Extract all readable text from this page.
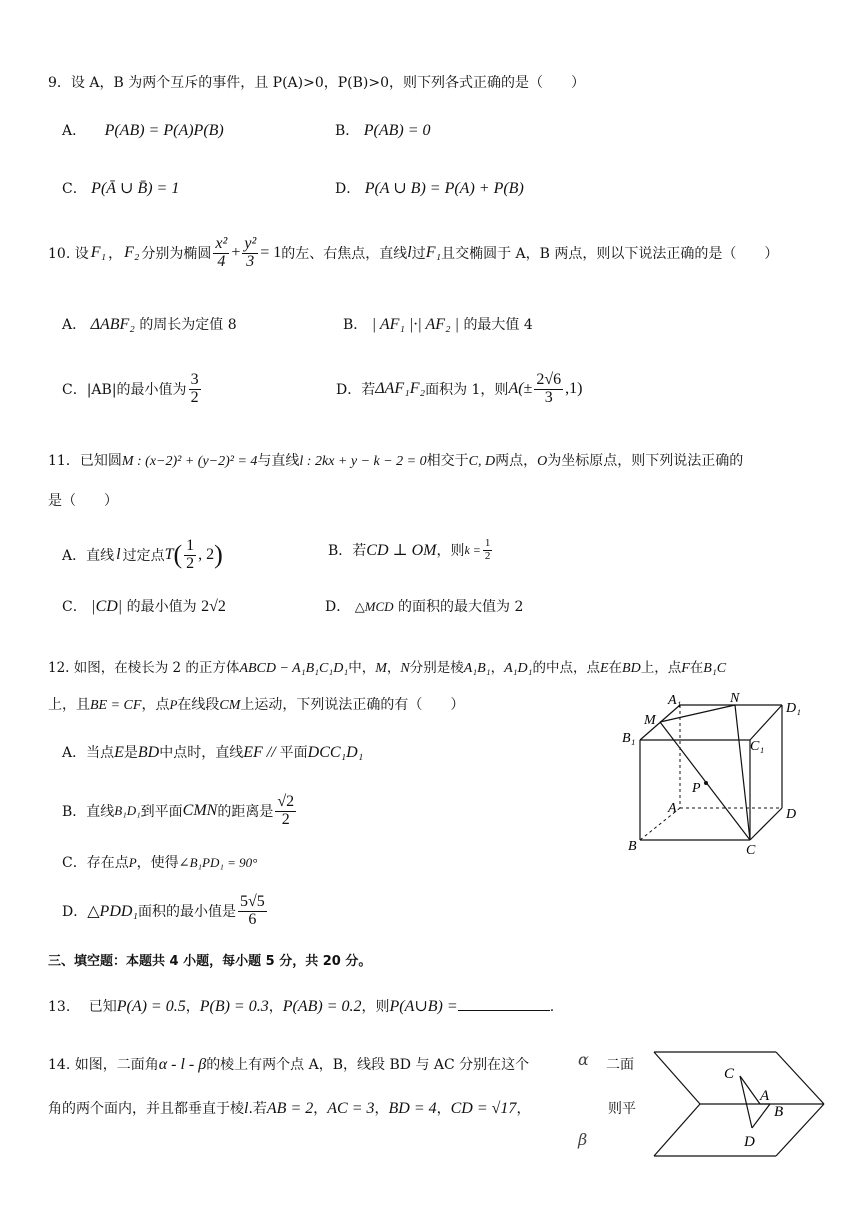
9．设 A，B 为两个互斥的事件，且 P(A)>0，P(B)>0，则下列各式正确的是（　　）
A． P(AB) = P(A)P(B)	B． P(AB) = 0
C． P(Ā ∪ B̄) = 1	D． P(A ∪ B) = P(A) + P(B)
10. 设 F₁ ， F₂ 分别为椭圆 $\frac{\text{x²}}{4} + \frac{\text{y²}}{3} = 1$ 的左、右焦点，直线 l 过 F₁ 且交椭圆于 A，B 两点，则以下说法正确的是（　　）
A． ΔABF₂ 的周长为定值 8	B． | AF₁ |·| AF₂ | 的最大值 4
C． |AB|的最小值为 $\frac{3}{2}$	D． 若 ΔAF₁F₂ 面积为 1，则 $A(\pm \frac{2√6}{3} ,1)$
11．已知圆M : (x−2)² + (y−2)² = 4与直线l : 2kx + y − k − 2 = 0相交于C, D两点，O为坐标原点，则下列说法正确的
是（　　）
A． 直线 l 过定点 T ( $\frac{1}{2}$ , 2 )	B． 若 CD ⊥ OM ，则 $k = \frac{1}{2}$
C． |CD| 的最小值为 2√2	D． △MCD 的面积的最大值为 2
12. 如图，在棱长为 2 的正方体ABCD − A₁B₁C₁D₁中，M，N分别是棱A₁B₁，A₁D₁的中点，点E在BD上，点F在B₁C
上，且BE = CF，点P在线段CM上运动，下列说法正确的有（　　）
A．当点E是BD中点时，直线EF // 平面DCC₁D₁
B． 直线 B₁D₁ 到平面 CMN 的距离是 $\frac{√2}{2}$
C．存在点P，使得∠B₁PD₁ = 90°
D． △PDD₁ 面积的最小值是 $\frac{5√5}{6}$
A₁	N
D₁
M
B₁
C₁
P
A	D
B	C
三、填空题：本题共 4 小题，每小题 5 分，共 20 分。
13. 已知P(A) = 0.5，P(B) = 0.3，P(AB) = 0.2，则P(A∪B) =	.
14. 如图，二面角α - l - β的棱上有两个点 A，B，线段 BD 与 AC 分别在这个	α 二面
角的两个面内，并且都垂直于棱l.若AB = 2，AC = 3，BD = 4，CD = √17，	则平
β
C
A
B
D
